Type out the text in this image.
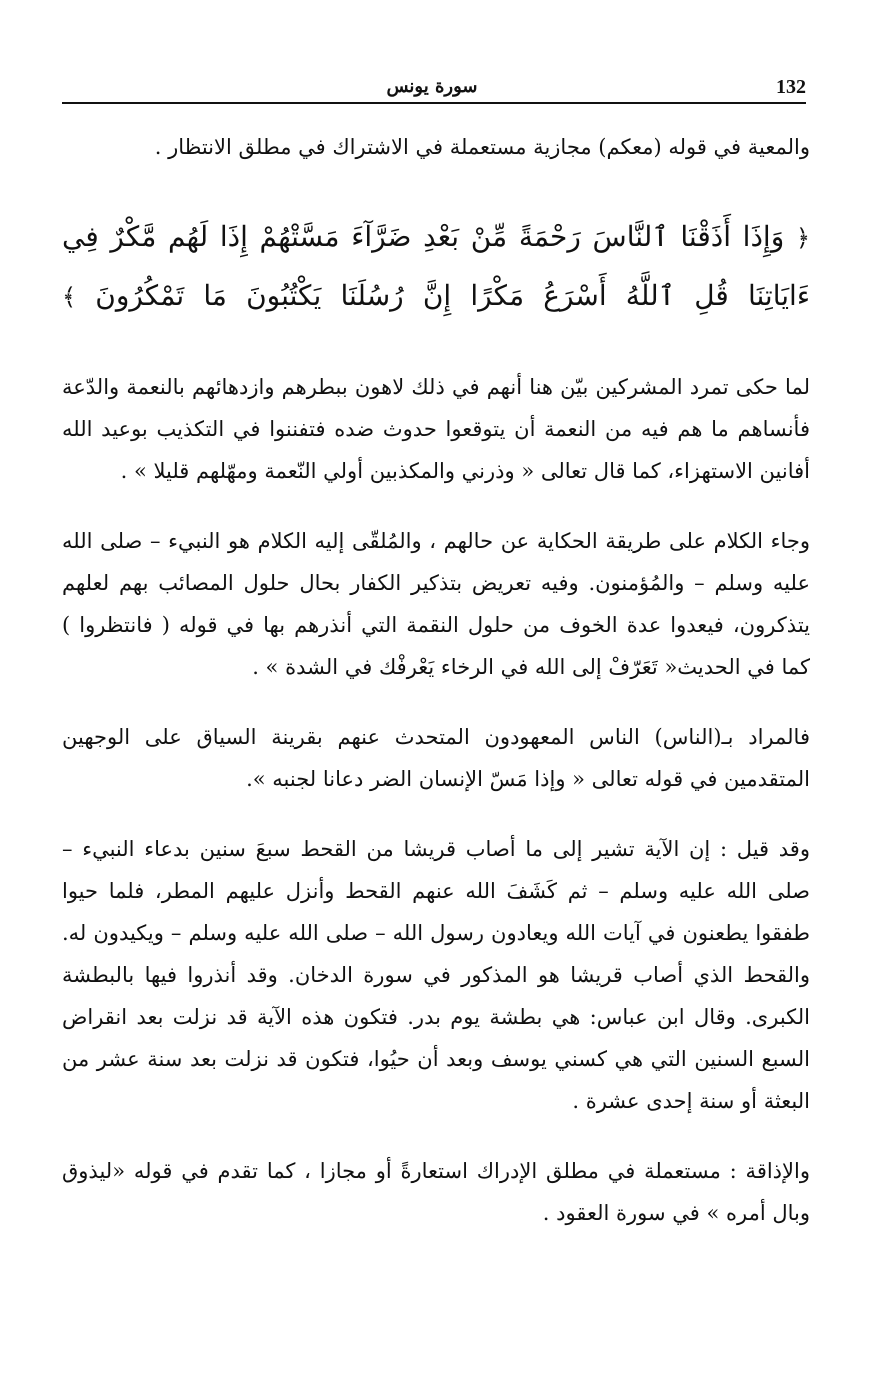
132
سورة يونس

والمعية في قوله (معكم) مجازية مستعملة في الاشتراك في مطلق الانتظار .

﴿ وَإِذَا أَذَقْنَا ٱلنَّاسَ رَحْمَةً مِّنْ بَعْدِ ضَرَّآءَ مَسَّتْهُمْ إِذَا لَهُم مَّكْرٌ فِي ءَايَاتِنَا قُلِ ٱللَّهُ أَسْرَعُ مَكْرًا إِنَّ رُسُلَنَا يَكْتُبُونَ مَا تَمْكُرُونَ ﴾

لما حكى تمرد المشركين بيّن هنا أنهم في ذلك لاهون ببطرهم وازدهائهم بالنعمة والدّعة فأنساهم ما هم فيه من النعمة أن يتوقعوا حدوث ضده فتفننوا في التكذيب بوعيد الله أفانين الاستهزاء، كما قال تعالى « وذرني والمكذبين أولي النّعمة ومهّلهم قليلا » .

وجاء الكلام على طريقة الحكاية عن حالهم ، والمُلقّى إليه الكلام هو النبيء – صلى الله عليه وسلم – والمُؤمنون. وفيه تعريض بتذكير الكفار بحال حلول المصائب بهم لعلهم يتذكرون، فيعدوا عدة الخوف من حلول النقمة التي أنذرهم بها في قوله ( فانتظروا ) كما في الحديث« تَعَرّفْ إلى الله في الرخاء يَعْرفْك في الشدة » .

فالمراد بـ(الناس) الناس المعهودون المتحدث عنهم بقرينة السياق على الوجهين المتقدمين في قوله تعالى « وإذا مَسّ الإنسان الضر دعانا لجنبه ».

وقد قيل : إن الآية تشير إلى ما أصاب قريشا من القحط سبعَ سنين بدعاء النبيء – صلى الله عليه وسلم – ثم كَشَفَ الله عنهم القحط وأنزل عليهم المطر، فلما حيوا طفقوا يطعنون في آيات الله ويعادون رسول الله – صلى الله عليه وسلم – ويكيدون له. والقحط الذي أصاب قريشا هو المذكور في سورة الدخان. وقد أنذروا فيها بالبطشة الكبرى. وقال ابن عباس: هي بطشة يوم بدر. فتكون هذه الآية قد نزلت بعد انقراض السبع السنين التي هي كسني يوسف وبعد أن حيُوا، فتكون قد نزلت بعد سنة عشر من البعثة أو سنة إحدى عشرة .

والإذاقة : مستعملة في مطلق الإدراك استعارةً أو مجازا ، كما تقدم في قوله «ليذوق وبال أمره » في سورة العقود .
